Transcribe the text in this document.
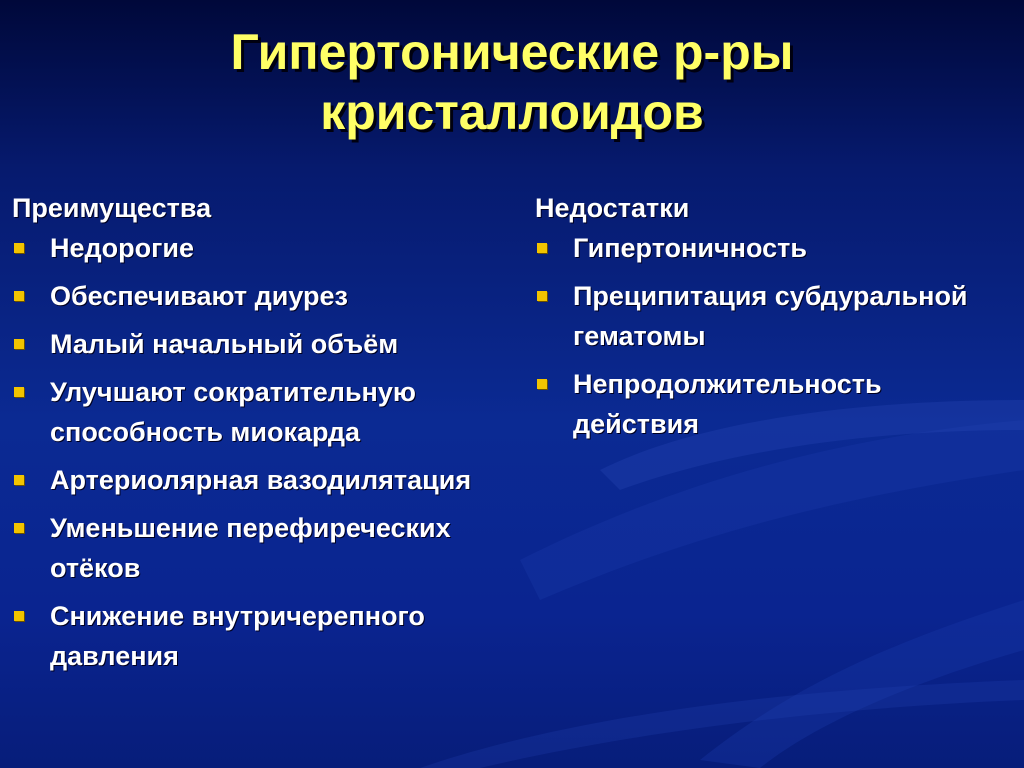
Гипертонические р-ры
кристаллоидов
Преимущества
Недорогие
Обеспечивают диурез
Малый начальный объём
Улучшают сократительную способность миокарда
Артериолярная вазодилятация
Уменьшение перефиреческих отёков
Снижение внутричерепного давления
Недостатки
Гипертоничность
Преципитация субдуральной гематомы
Непродолжительность действия
